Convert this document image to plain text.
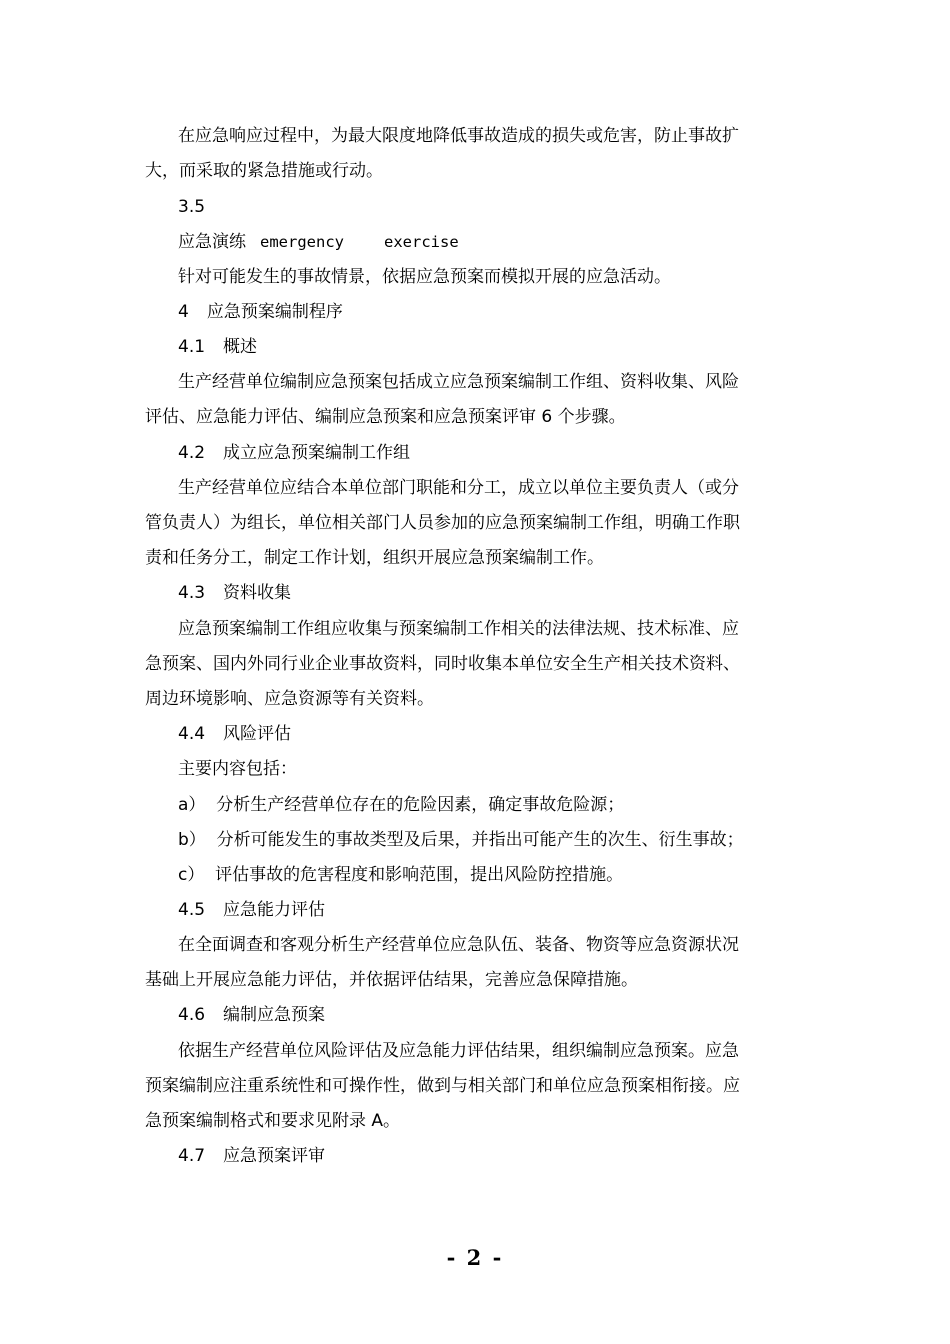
在应急响应过程中，为最大限度地降低事故造成的损失或危害，防止事故扩
大，而采取的紧急措施或行动。
3.5
应急演练 emergency	exercise
针对可能发生的事故情景，依据应急预案而模拟开展的应急活动。
4 应急预案编制程序
4.1 概述
生产经营单位编制应急预案包括成立应急预案编制工作组、资料收集、风险
评估、应急能力评估、编制应急预案和应急预案评审 6 个步骤。
4.2 成立应急预案编制工作组
生产经营单位应结合本单位部门职能和分工，成立以单位主要负责人（或分
管负责人）为组长，单位相关部门人员参加的应急预案编制工作组，明确工作职
责和任务分工，制定工作计划，组织开展应急预案编制工作。
4.3 资料收集
应急预案编制工作组应收集与预案编制工作相关的法律法规、技术标准、应
急预案、国内外同行业企业事故资料，同时收集本单位安全生产相关技术资料、
周边环境影响、应急资源等有关资料。
4.4 风险评估
主要内容包括：
a）  分析生产经营单位存在的危险因素，确定事故危险源；
b）  分析可能发生的事故类型及后果，并指出可能产生的次生、衍生事故；
c）  评估事故的危害程度和影响范围，提出风险防控措施。
4.5 应急能力评估
在全面调查和客观分析生产经营单位应急队伍、装备、物资等应急资源状况
基础上开展应急能力评估，并依据评估结果，完善应急保障措施。
4.6 编制应急预案
依据生产经营单位风险评估及应急能力评估结果，组织编制应急预案。应急
预案编制应注重系统性和可操作性，做到与相关部门和单位应急预案相衔接。应
急预案编制格式和要求见附录 A。
4.7 应急预案评审
- 2 -
